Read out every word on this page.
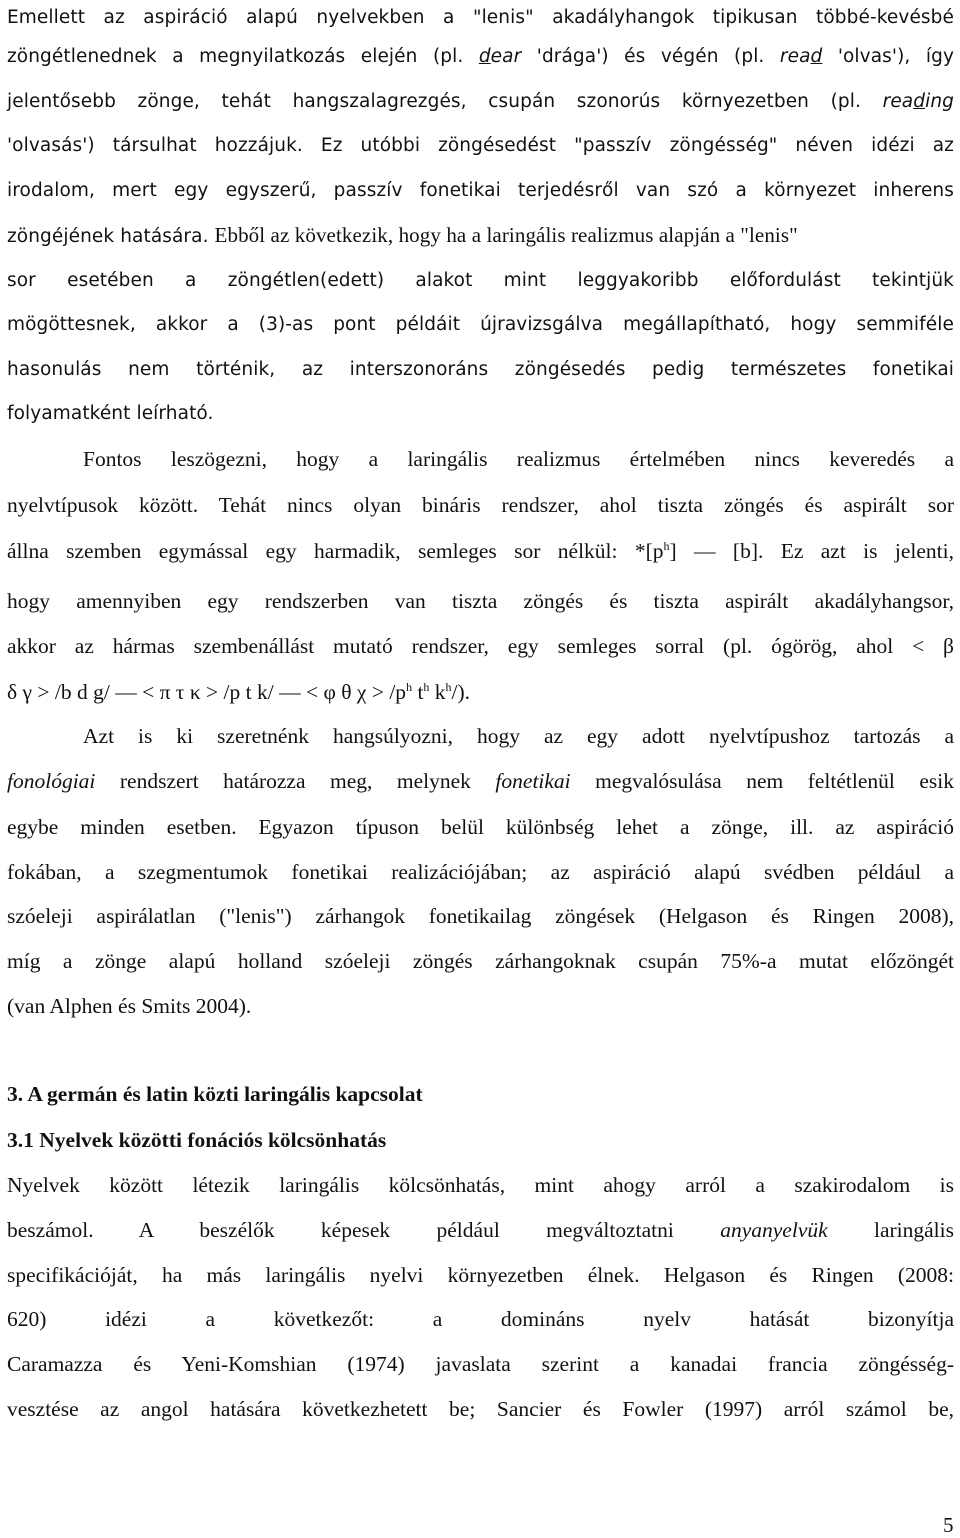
Emellett az aspiráció alapú nyelvekben a "lenis" akadályhangok tipikusan többé-kevésbé
zöngétlenednek a megnyilatkozás elején (pl. dear 'drága') és végén (pl. read 'olvas'), így
jelentősebb zönge, tehát hangszalagrezgés, csupán szonorús környezetben (pl. reading
'olvasás') társulhat hozzájuk. Ez utóbbi zöngésedést "passzív zöngésség" néven idézi az
irodalom, mert egy egyszerű, passzív fonetikai terjedésről van szó a környezet inherens
zöngéjének hatására. Ebből az következik, hogy ha a laringális realizmus alapján a "lenis"
sor esetében a zöngétlen(edett) alakot mint leggyakoribb előfordulást tekintjük
mögöttesnek, akkor a (3)-as pont példáit újravizsgálva megállapítható, hogy semmiféle
hasonulás nem történik, az interszonoráns zöngésedés pedig természetes fonetikai
folyamatként leírható.
Fontos leszögezni, hogy a laringális realizmus értelmében nincs keveredés a
nyelvtípusok között. Tehát nincs olyan bináris rendszer, ahol tiszta zöngés és aspirált sor
állna szemben egymással egy harmadik, semleges sor nélkül: $*[p^h]$ — [b]. Ez azt is jelenti,
hogy amennyiben egy rendszerben van tiszta zöngés és tiszta aspirált akadályhangsor,
akkor az hármas szembenállást mutató rendszer, egy semleges sorral (pl. ógörög, ahol < β
δ γ > /b d g/ — < π τ κ > /p t k/ — < φ θ $\chi > /p^h$ $t^h$ $k^h/$).
Azt is ki szeretnénk hangsúlyozni, hogy az egy adott nyelvtípushoz tartozás a
fonológiai rendszert határozza meg, melynek fonetikai megvalósulása nem feltétlenül esik
egybe minden esetben. Egyazon típuson belül különbség lehet a zönge, ill. az aspiráció
fokában, a szegmentumok fonetikai realizációjában; az aspiráció alapú svédben például a
szóeleji aspirálatlan ("lenis") zárhangok fonetikailag zöngések (Helgason és Ringen 2008),
míg a zönge alapú holland szóeleji zöngés zárhangoknak csupán 75%-a mutat előzöngét
(van Alphen és Smits 2004).
3. A germán és latin közti laringális kapcsolat
3.1 Nyelvek közötti fonációs kölcsönhatás
Nyelvek között létezik laringális kölcsönhatás, mint ahogy arról a szakirodalom is
beszámol. A beszélők képesek például megváltoztatni anyanyelvük laringális
specifikációját, ha más laringális nyelvi környezetben élnek. Helgason és Ringen (2008:
620) idézi a következőt: a domináns nyelv hatását bizonyítja
Caramazza és Yeni-Komshian (1974) javaslata szerint a kanadai francia zöngésség-
vesztése az angol hatására következhetett be; Sancier és Fowler (1997) arról számol be,
5
